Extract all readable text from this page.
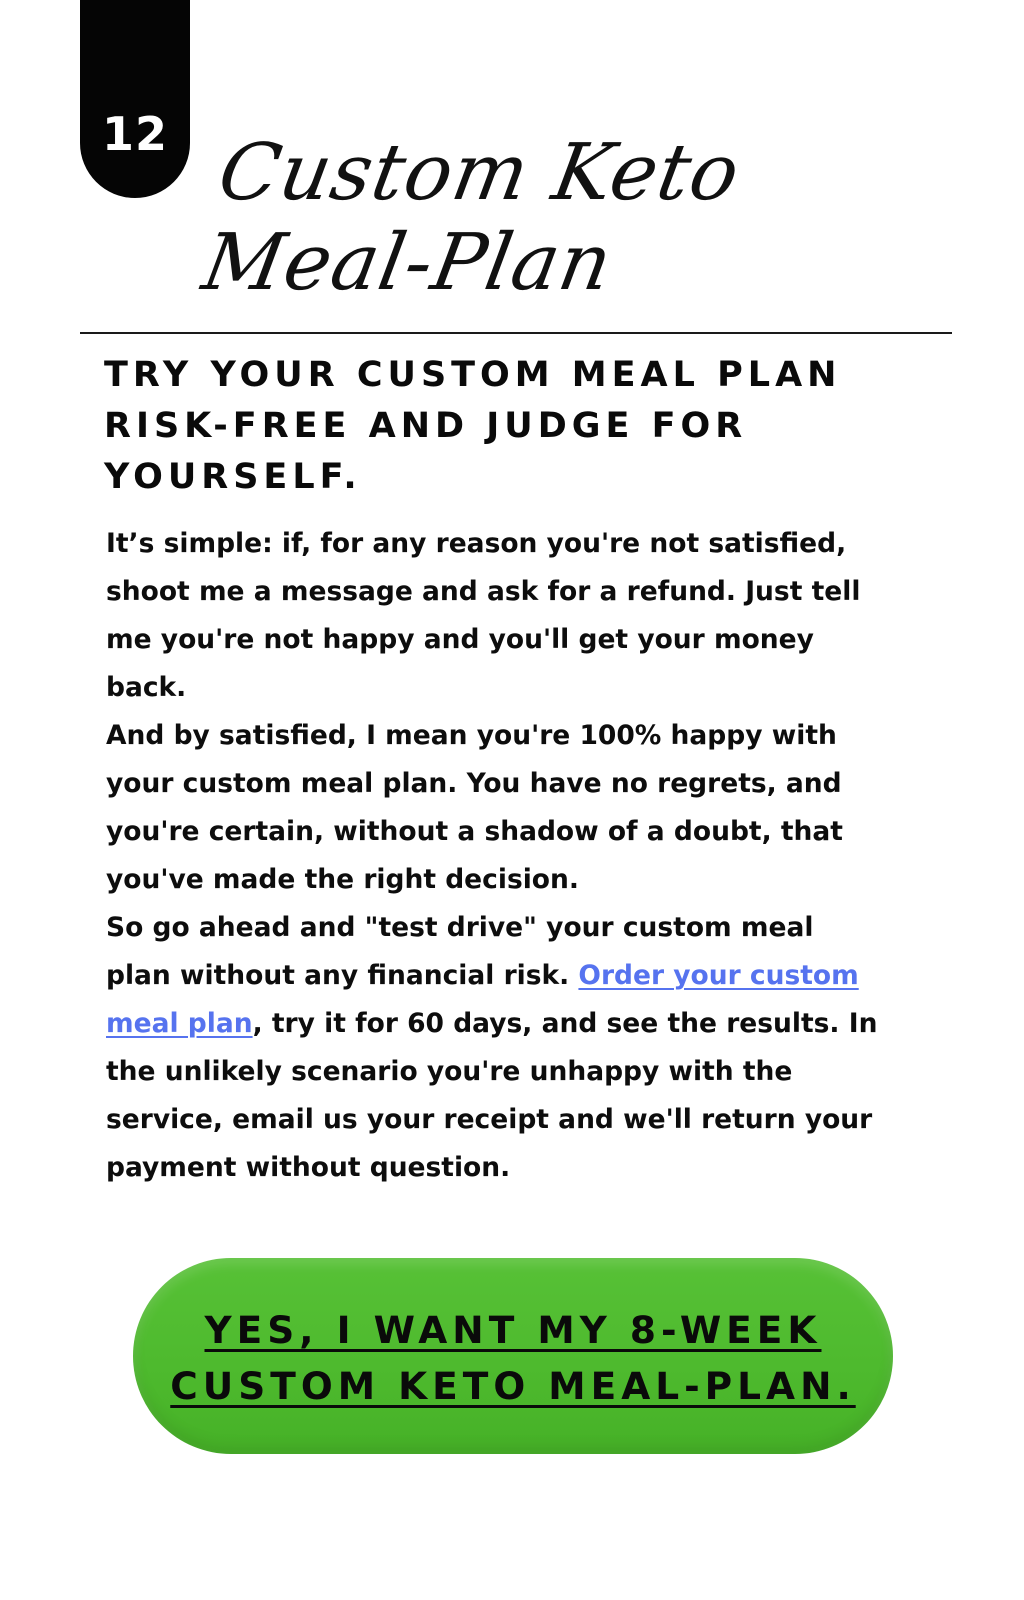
12 Custom Keto
Meal-Plan
TRY YOUR CUSTOM MEAL PLAN
RISK-FREE AND JUDGE FOR
YOURSELF.
It’s simple: if, for any reason you're not satisfied,
shoot me a message and ask for a refund. Just tell
me you're not happy and you'll get your money
back.
And by satisfied, I mean you're 100% happy with
your custom meal plan. You have no regrets, and
you're certain, without a shadow of a doubt, that
you've made the right decision.
So go ahead and "test drive" your custom meal
plan without any financial risk. Order your custom
meal plan, try it for 60 days, and see the results. In
the unlikely scenario you're unhappy with the
service, email us your receipt and we'll return your
payment without question.
YES, I WANT MY 8-WEEK
CUSTOM KETO MEAL-PLAN.
